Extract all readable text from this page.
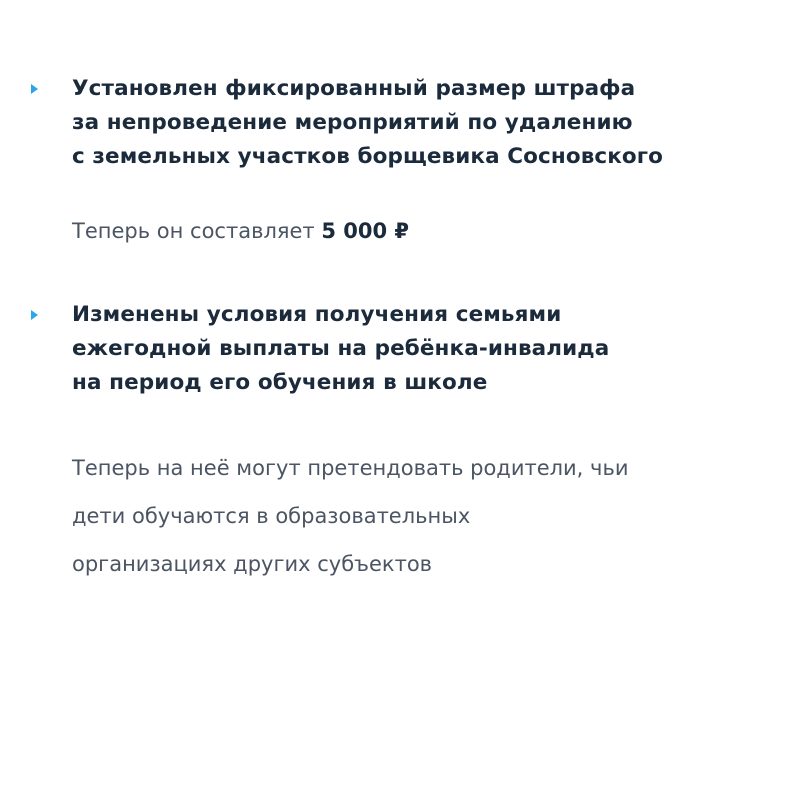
Установлен фиксированный размер штрафа
за непроведение мероприятий по удалению
с земельных участков борщевика Сосновского

Теперь он составляет 5 000 ₽

Изменены условия получения семьями
ежегодной выплаты на ребёнка-инвалида
на период его обучения в школе

Теперь на неё могут претендовать родители, чьи
дети обучаются в образовательных
организациях других субъектов
